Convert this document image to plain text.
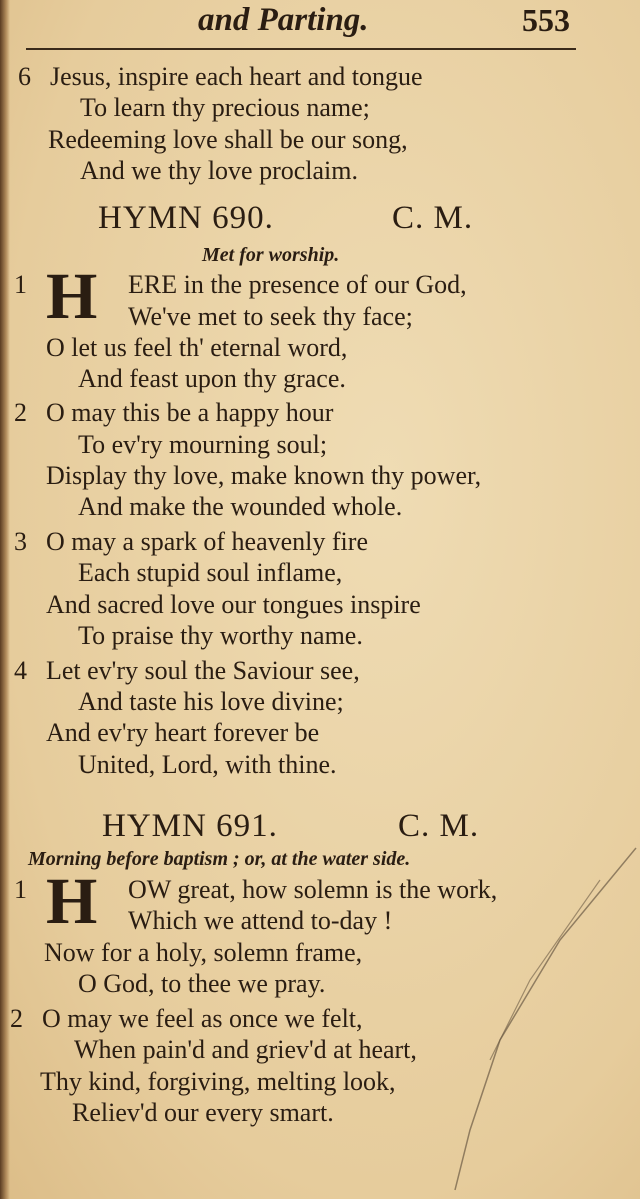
and Parting.	553
6 Jesus, inspire each heart and tongue
To learn thy precious name;
Redeeming love shall be our song,
And we thy love proclaim.
HYMN 690.	C. M.
Met for worship.
1 H ERE in the presence of our God,
We've met to seek thy face;
O let us feel th' eternal word,
And feast upon thy grace.
2 O may this be a happy hour
To ev'ry mourning soul;
Display thy love, make known thy power,
And make the wounded whole.
3 O may a spark of heavenly fire
Each stupid soul inflame,
And sacred love our tongues inspire
To praise thy worthy name.
4 Let ev'ry soul the Saviour see,
And taste his love divine;
And ev'ry heart forever be
United, Lord, with thine.
HYMN 691.	C. M.
Morning before baptism ; or, at the water side.
1 H OW great, how solemn is the work,
Which we attend to-day !
Now for a holy, solemn frame,
O God, to thee we pray.
2 O may we feel as once we felt,
When pain'd and griev'd at heart,
Thy kind, forgiving, melting look,
Reliev'd our every smart.
